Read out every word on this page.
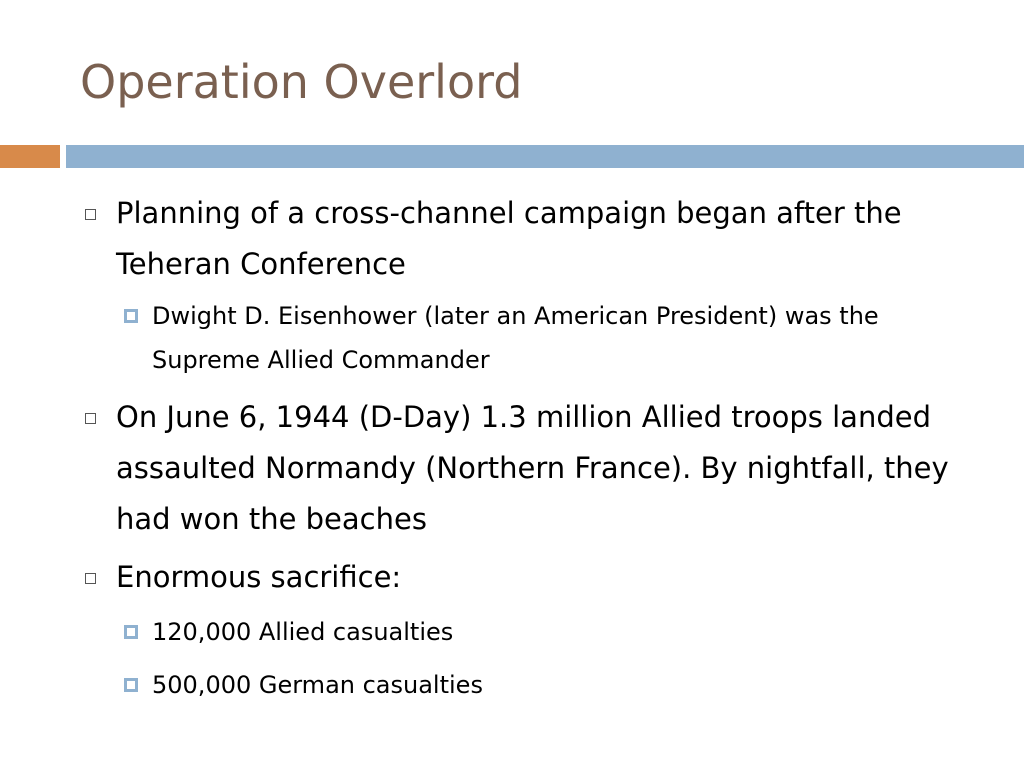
Operation Overlord
Planning of a cross-channel campaign began after the Teheran Conference
Dwight D. Eisenhower (later an American President) was the Supreme Allied Commander
On June 6, 1944 (D-Day) 1.3 million Allied troops landed assaulted Normandy (Northern France). By nightfall, they had won the beaches
Enormous sacrifice:
120,000 Allied casualties
500,000 German casualties
